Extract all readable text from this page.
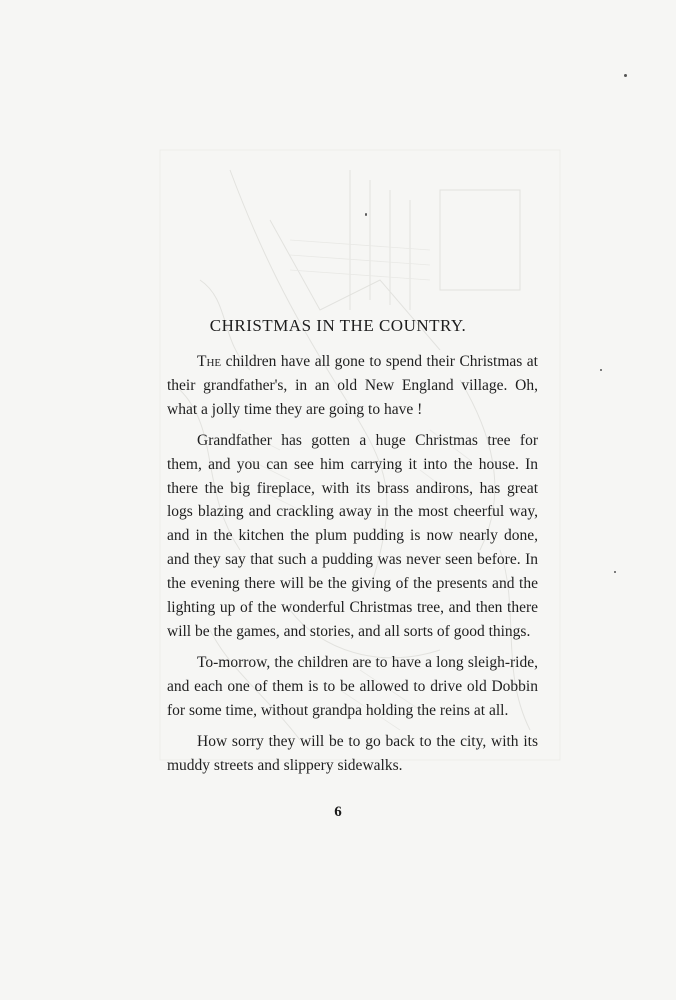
CHRISTMAS IN THE COUNTRY.

The children have all gone to spend their Christmas at their grandfather's, in an old New England village. Oh, what a jolly time they are going to have !

Grandfather has gotten a huge Christmas tree for them, and you can see him carrying it into the house. In there the big fireplace, with its brass andirons, has great logs blazing and crackling away in the most cheerful way, and in the kitchen the plum pudding is now nearly done, and they say that such a pudding was never seen before. In the evening there will be the giving of the presents and the lighting up of the wonderful Christmas tree, and then there will be the games, and stories, and all sorts of good things.

To-morrow, the children are to have a long sleigh-ride, and each one of them is to be allowed to drive old Dobbin for some time, without grandpa holding the reins at all.

How sorry they will be to go back to the city, with its muddy streets and slippery sidewalks.

6
